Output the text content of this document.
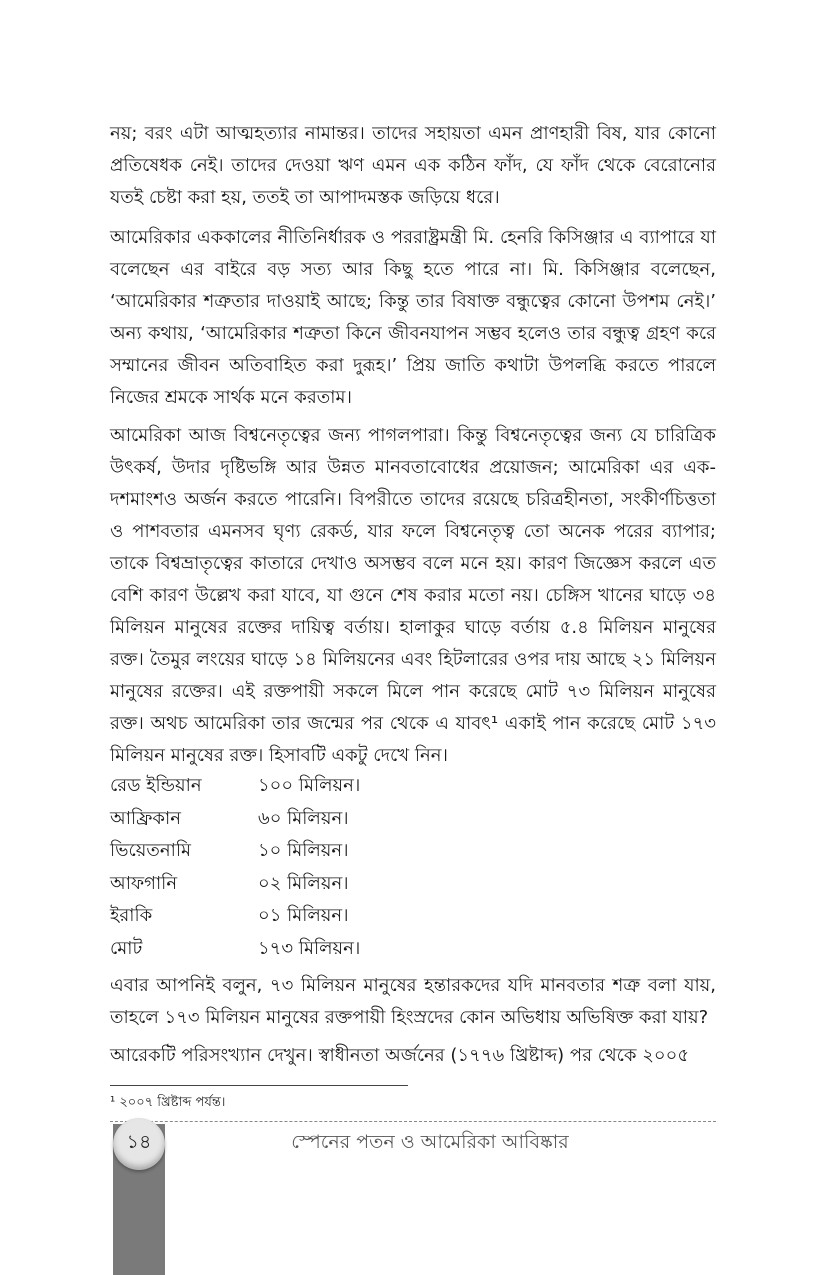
নয়; বরং এটা আত্মহত্যার নামান্তর। তাদের সহায়তা এমন প্রাণহারী বিষ, যার কোনো প্রতিষেধক নেই। তাদের দেওয়া ঋণ এমন এক কঠিন ফাঁদ, যে ফাঁদ থেকে বেরোনোর যতই চেষ্টা করা হয়, ততই তা আপাদমস্তক জড়িয়ে ধরে।

আমেরিকার এককালের নীতিনির্ধারক ও পররাষ্ট্রমন্ত্রী মি. হেনরি কিসিঞ্জার এ ব্যাপারে যা বলেছেন এর বাইরে বড় সত্য আর কিছু হতে পারে না। মি. কিসিঞ্জার বলেছেন, ‘আমেরিকার শত্রুতার দাওয়াই আছে; কিন্তু তার বিষাক্ত বন্ধুত্বের কোনো উপশম নেই।’ অন্য কথায়, ‘আমেরিকার শত্রুতা কিনে জীবনযাপন সম্ভব হলেও তার বন্ধুত্ব গ্রহণ করে সম্মানের জীবন অতিবাহিত করা দুরূহ।’ প্রিয় জাতি কথাটা উপলব্ধি করতে পারলে নিজের শ্রমকে সার্থক মনে করতাম।

আমেরিকা আজ বিশ্বনেতৃত্বের জন্য পাগলপারা। কিন্তু বিশ্বনেতৃত্বের জন্য যে চারিত্রিক উৎকর্ষ, উদার দৃষ্টিভঙ্গি আর উন্নত মানবতাবোধের প্রয়োজন; আমেরিকা এর এক-দশমাংশও অর্জন করতে পারেনি। বিপরীতে তাদের রয়েছে চরিত্রহীনতা, সংকীর্ণচিত্ততা ও পাশবতার এমনসব ঘৃণ্য রেকর্ড, যার ফলে বিশ্বনেতৃত্ব তো অনেক পরের ব্যাপার; তাকে বিশ্বভ্রাতৃত্বের কাতারে দেখাও অসম্ভব বলে মনে হয়। কারণ জিজ্ঞেস করলে এত বেশি কারণ উল্লেখ করা যাবে, যা গুনে শেষ করার মতো নয়। চেঙ্গিস খানের ঘাড়ে ৩৪ মিলিয়ন মানুষের রক্তের দায়িত্ব বর্তায়। হালাকুর ঘাড়ে বর্তায় ৫.৪ মিলিয়ন মানুষের রক্ত। তৈমুর লংয়ের ঘাড়ে ১৪ মিলিয়নের এবং হিটলারের ওপর দায় আছে ২১ মিলিয়ন মানুষের রক্তের। এই রক্তপায়ী সকলে মিলে পান করেছে মোট ৭৩ মিলিয়ন মানুষের রক্ত। অথচ আমেরিকা তার জন্মের পর থেকে এ যাবৎ¹ একাই পান করেছে মোট ১৭৩ মিলিয়ন মানুষের রক্ত। হিসাবটি একটু দেখে নিন।

রেড ইন্ডিয়ান	১০০ মিলিয়ন।
আফ্রিকান	৬০ মিলিয়ন।
ভিয়েতনামি	১০ মিলিয়ন।
আফগানি	০২ মিলিয়ন।
ইরাকি	০১ মিলিয়ন।
মোট	১৭৩ মিলিয়ন।

এবার আপনিই বলুন, ৭৩ মিলিয়ন মানুষের হন্তারকদের যদি মানবতার শত্রু বলা যায়, তাহলে ১৭৩ মিলিয়ন মানুষের রক্তপায়ী হিংস্রদের কোন অভিধায় অভিষিক্ত করা যায়?

আরেকটি পরিসংখ্যান দেখুন। স্বাধীনতা অর্জনের (১৭৭৬ খ্রিষ্টাব্দ) পর থেকে ২০০৫

¹ ২০০৭ খ্রিষ্টাব্দ পর্যন্ত।
১৪	স্পেনের পতন ও আমেরিকা আবিষ্কার
